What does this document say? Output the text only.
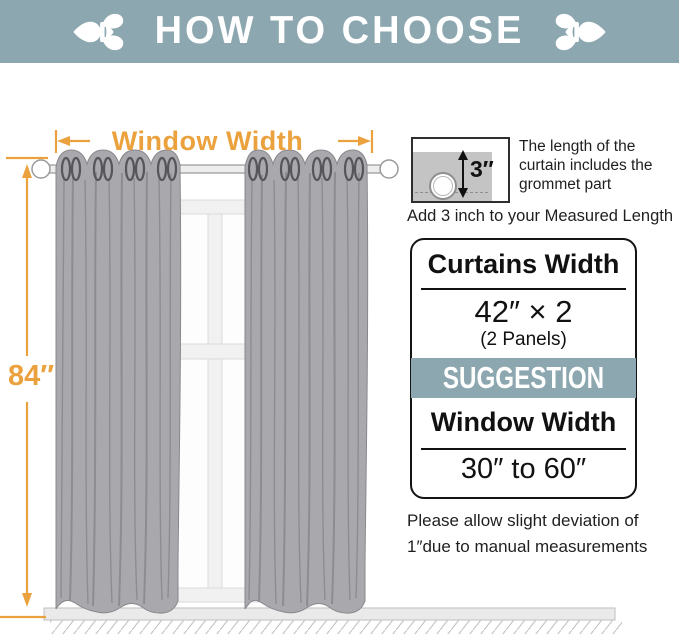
HOW TO CHOOSE
Window Width
84″
3″
The length of the curtain includes the grommet part
Add 3 inch to your Measured Length
Curtains Width
42″ × 2
(2 Panels)
SUGGESTION
Window Width
30″ to 60″
Please allow slight deviation of
1″due to manual measurements
